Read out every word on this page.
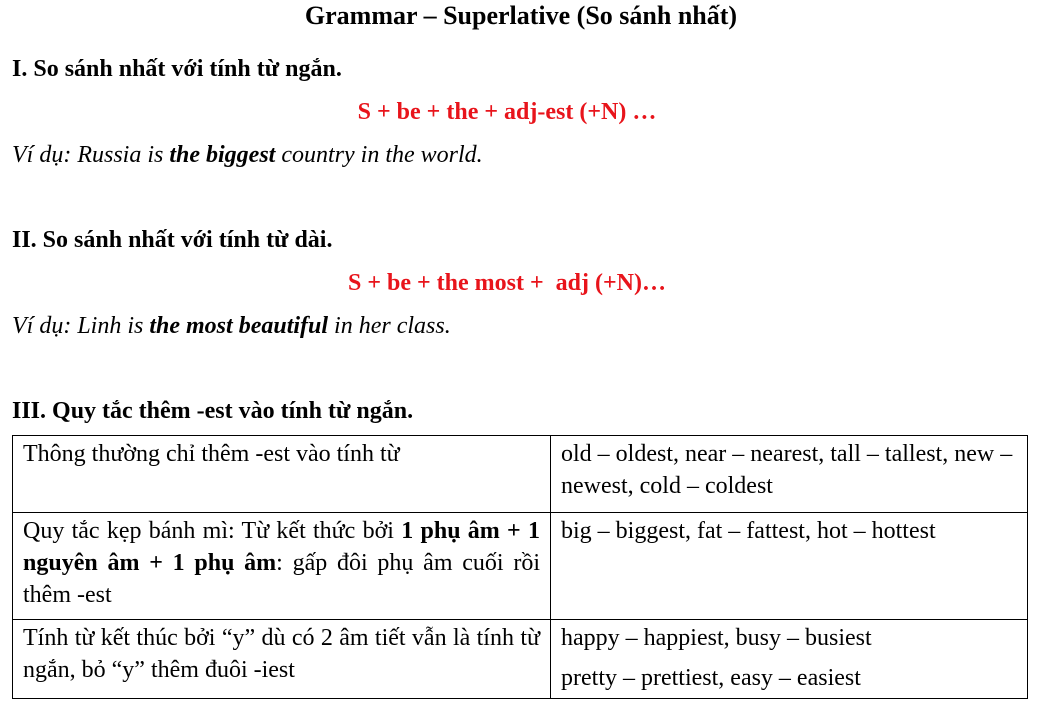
Grammar – Superlative (So sánh nhất)
I. So sánh nhất với tính từ ngắn.
S + be + the + adj-est (+N) …
Ví dụ: Russia is the biggest country in the world.
II. So sánh nhất với tính từ dài.
S + be + the most +  adj (+N)…
Ví dụ: Linh is the most beautiful in her class.
III. Quy tắc thêm -est vào tính từ ngắn.
Thông thường chỉ thêm -est vào tính từ	old – oldest, near – nearest, tall – tallest, new – newest, cold – coldest
Quy tắc kẹp bánh mì: Từ kết thức bởi 1 phụ âm + 1 nguyên âm + 1 phụ âm: gấp đôi phụ âm cuối rồi thêm -est	big – biggest, fat – fattest, hot – hottest
Tính từ kết thúc bởi “y” dù có 2 âm tiết vẫn là tính từ ngắn, bỏ “y” thêm đuôi -iest	happy – happiest, busy – busiest
pretty – prettiest, easy – easiest
